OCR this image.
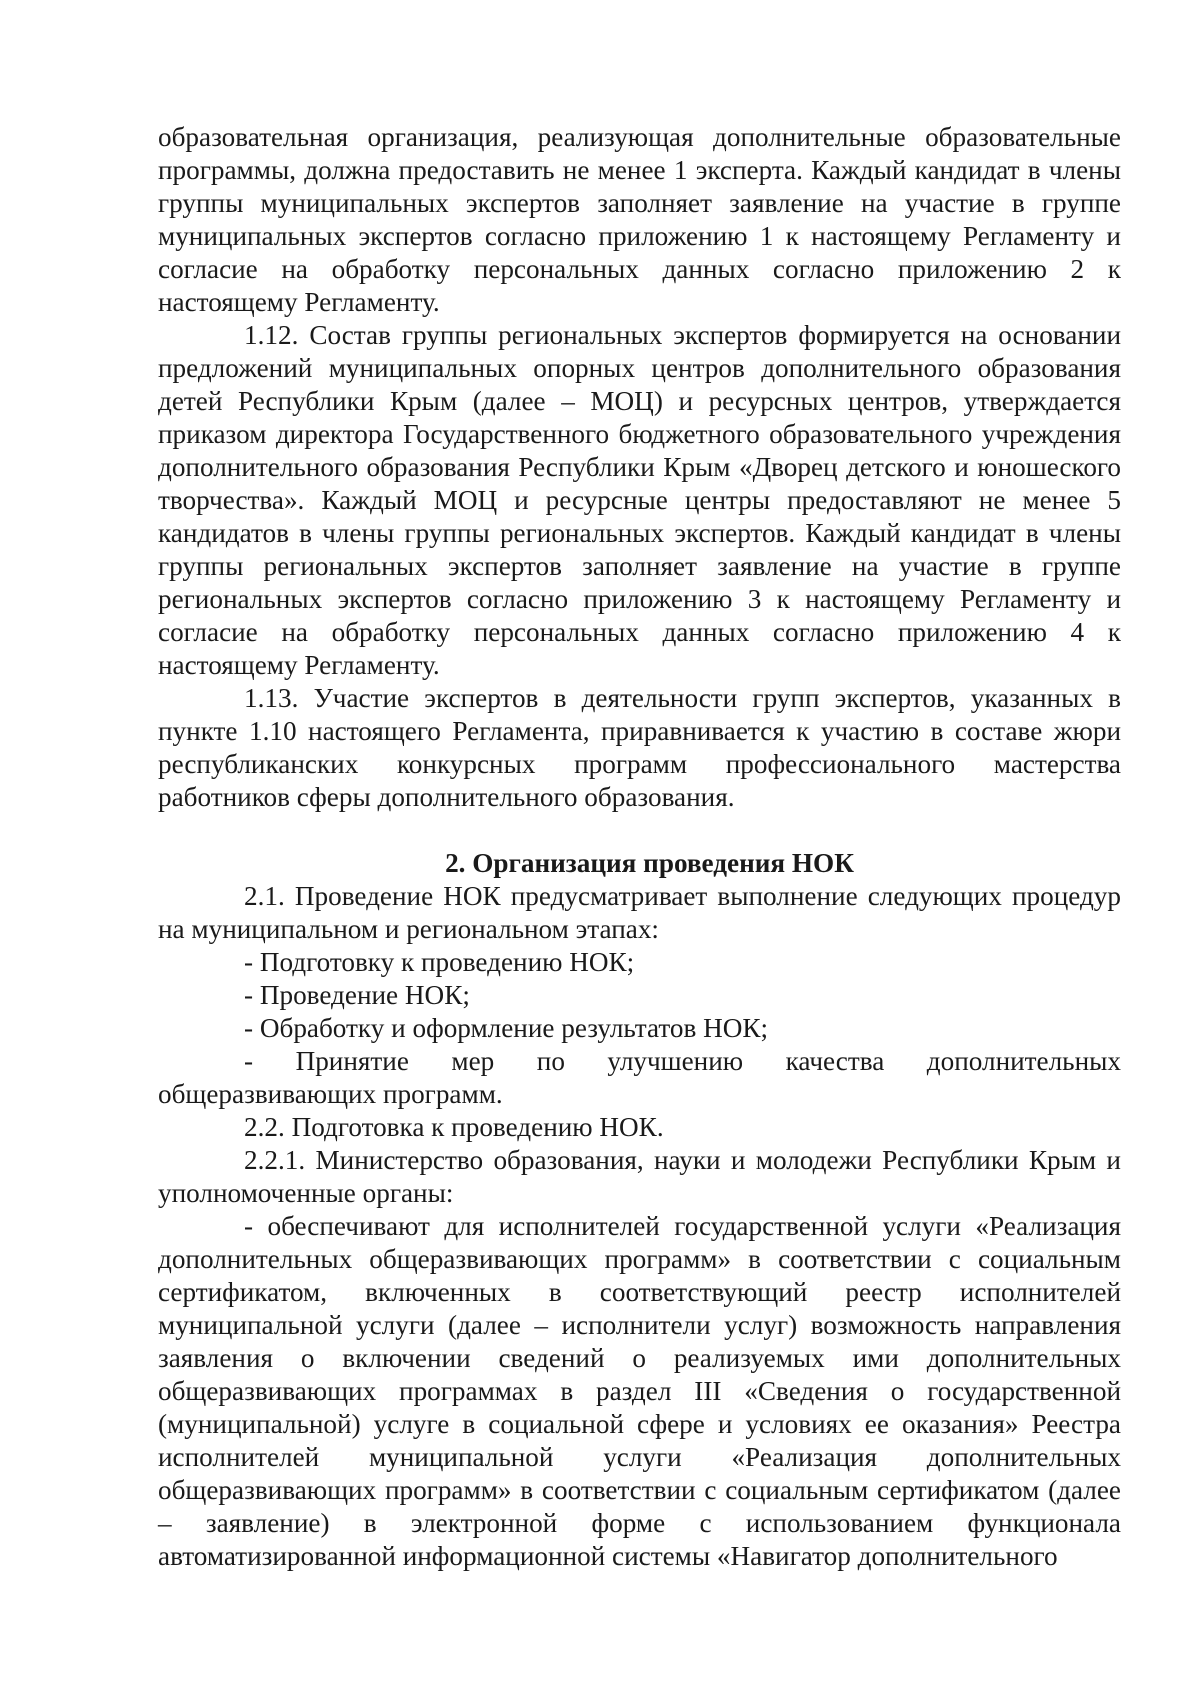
образовательная организация, реализующая дополнительные образовательные программы, должна предоставить не менее 1 эксперта. Каждый кандидат в члены группы муниципальных экспертов заполняет заявление на участие в группе муниципальных экспертов согласно приложению 1 к настоящему Регламенту и согласие на обработку персональных данных согласно приложению 2 к настоящему Регламенту.

1.12. Состав группы региональных экспертов формируется на основании предложений муниципальных опорных центров дополнительного образования детей Республики Крым (далее – МОЦ) и ресурсных центров, утверждается приказом директора Государственного бюджетного образовательного учреждения дополнительного образования Республики Крым «Дворец детского и юношеского творчества». Каждый МОЦ и ресурсные центры предоставляют не менее 5 кандидатов в члены группы региональных экспертов. Каждый кандидат в члены группы региональных экспертов заполняет заявление на участие в группе региональных экспертов согласно приложению 3 к настоящему Регламенту и согласие на обработку персональных данных согласно приложению 4 к настоящему Регламенту.

1.13. Участие экспертов в деятельности групп экспертов, указанных в пункте 1.10 настоящего Регламента, приравнивается к участию в составе жюри республиканских конкурсных программ профессионального мастерства работников сферы дополнительного образования.

2. Организация проведения НОК

2.1. Проведение НОК предусматривает выполнение следующих процедур на муниципальном и региональном этапах:

- Подготовку к проведению НОК;

- Проведение НОК;

- Обработку и оформление результатов НОК;

- Принятие мер по улучшению качества дополнительных общеразвивающих программ.

2.2. Подготовка к проведению НОК.

2.2.1. Министерство образования, науки и молодежи Республики Крым и уполномоченные органы:

- обеспечивают для исполнителей государственной услуги «Реализация дополнительных общеразвивающих программ» в соответствии с социальным сертификатом, включенных в соответствующий реестр исполнителей муниципальной услуги (далее – исполнители услуг) возможность направления заявления о включении сведений о реализуемых ими дополнительных общеразвивающих программах в раздел III «Сведения о государственной (муниципальной) услуге в социальной сфере и условиях ее оказания» Реестра исполнителей муниципальной услуги «Реализация дополнительных общеразвивающих программ» в соответствии с социальным сертификатом (далее – заявление) в электронной форме с использованием функционала автоматизированной информационной системы «Навигатор дополнительного
